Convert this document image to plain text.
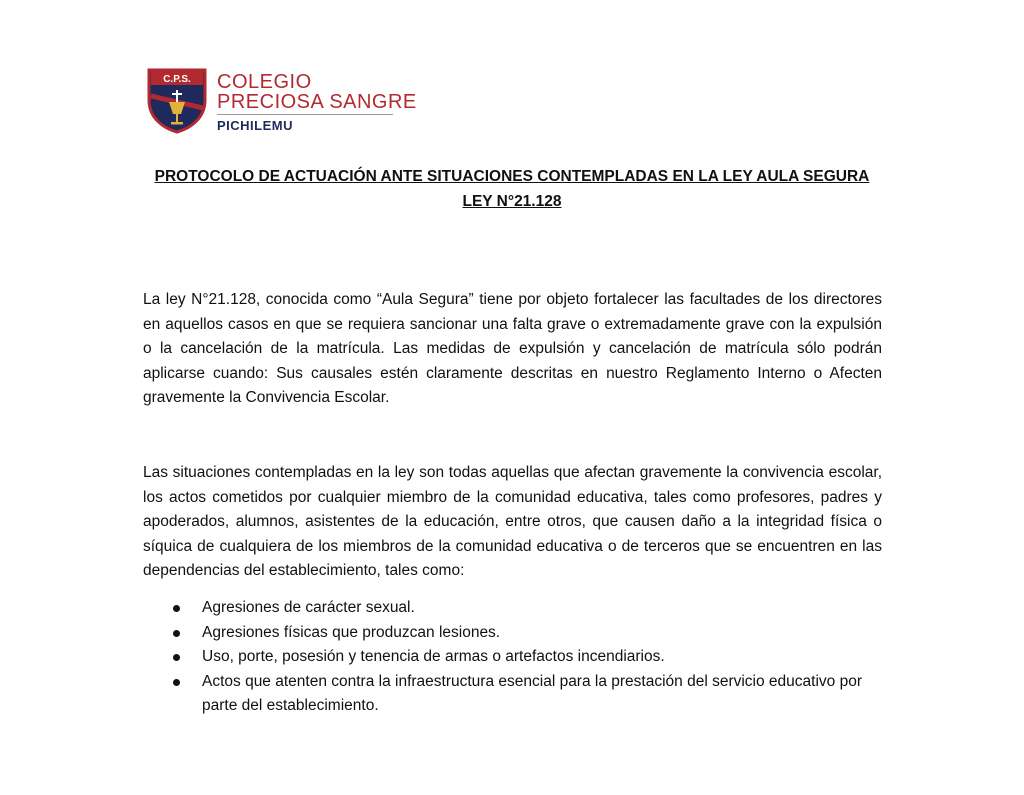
C.P.S. COLEGIO
PRECIOSA SANGRE
PICHILEMU
PROTOCOLO DE ACTUACIÓN ANTE SITUACIONES CONTEMPLADAS EN LA LEY AULA SEGURA
LEY N°21.128

La ley N°21.128, conocida como “Aula Segura” tiene por objeto fortalecer las facultades de los directores en aquellos casos en que se requiera sancionar una falta grave o extremadamente grave con la expulsión o la cancelación de la matrícula. Las medidas de expulsión y cancelación de matrícula sólo podrán aplicarse cuando: Sus causales estén claramente descritas en nuestro Reglamento Interno o Afecten gravemente la Convivencia Escolar.

Las situaciones contempladas en la ley son todas aquellas que afectan gravemente la convivencia escolar, los actos cometidos por cualquier miembro de la comunidad educativa, tales como profesores, padres y apoderados, alumnos, asistentes de la educación, entre otros, que causen daño a la integridad física o síquica de cualquiera de los miembros de la comunidad educativa o de terceros que se encuentren en las dependencias del establecimiento, tales como:

Agresiones de carácter sexual.
Agresiones físicas que produzcan lesiones.
Uso, porte, posesión y tenencia de armas o artefactos incendiarios.
Actos que atenten contra la infraestructura esencial para la prestación del servicio educativo por parte del establecimiento.
